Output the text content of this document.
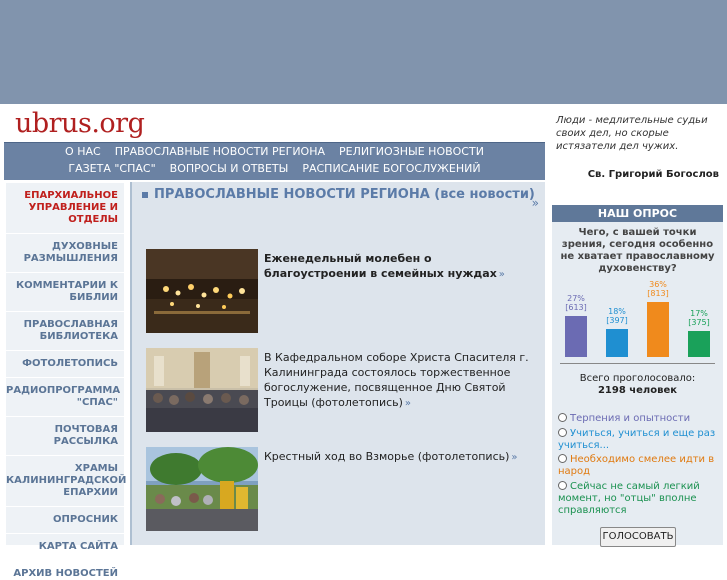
ubrus.org	Люди - медлительные судьи своих дел, но скорые истязатели дел чужих.
Св. Григорий Богослов
О НАС ПРАВОСЛАВНЫЕ НОВОСТИ РЕГИОНА РЕЛИГИОЗНЫЕ НОВОСТИ
ГАЗЕТА "СПАС" ВОПРОСЫ И ОТВЕТЫ РАСПИСАНИЕ БОГОСЛУЖЕНИЙ
ЕПАРХИАЛЬНОЕ УПРАВЛЕНИЕ И ОТДЕЛЫ
ДУХОВНЫЕ РАЗМЫШЛЕНИЯ
КОММЕНТАРИИ К БИБЛИИ
ПРАВОСЛАВНАЯ БИБЛИОТЕКА
ФОТОЛЕТОПИСЬ
РАДИОПРОГРАММА "СПАС"
ПОЧТОВАЯ РАССЫЛКА
ХРАМЫ КАЛИНИНГРАДСКОЙ ЕПАРХИИ
ОПРОСНИК
КАРТА САЙТА
АРХИВ НОВОСТЕЙ
ПРАВОСЛАВНЫЕ НОВОСТИ РЕГИОНА (все новости)
»
Еженедельный молебен о благоустроении в семейных нуждах »
В Кафедральном соборе Христа Спасителя г. Калининграда состоялось торжественное богослужение, посвященное Дню Святой Троицы (фотолетопись) »
Крестный ход во Взморье (фотолетопись) »
НАШ ОПРОС
Чего, с вашей точки зрения, сегодня особенно не хватает православному духовенству?
27%
[613]	18%
[397]
36%
[813]
17%
[375]
Всего проголосовало:
2198 человек
Терпения и опытности
Учиться, учиться и еще раз учиться...
Необходимо смелее идти в народ
Сейчас не самый легкий момент, но "отцы" вполне справляются
ГОЛОСОВАТЬ
